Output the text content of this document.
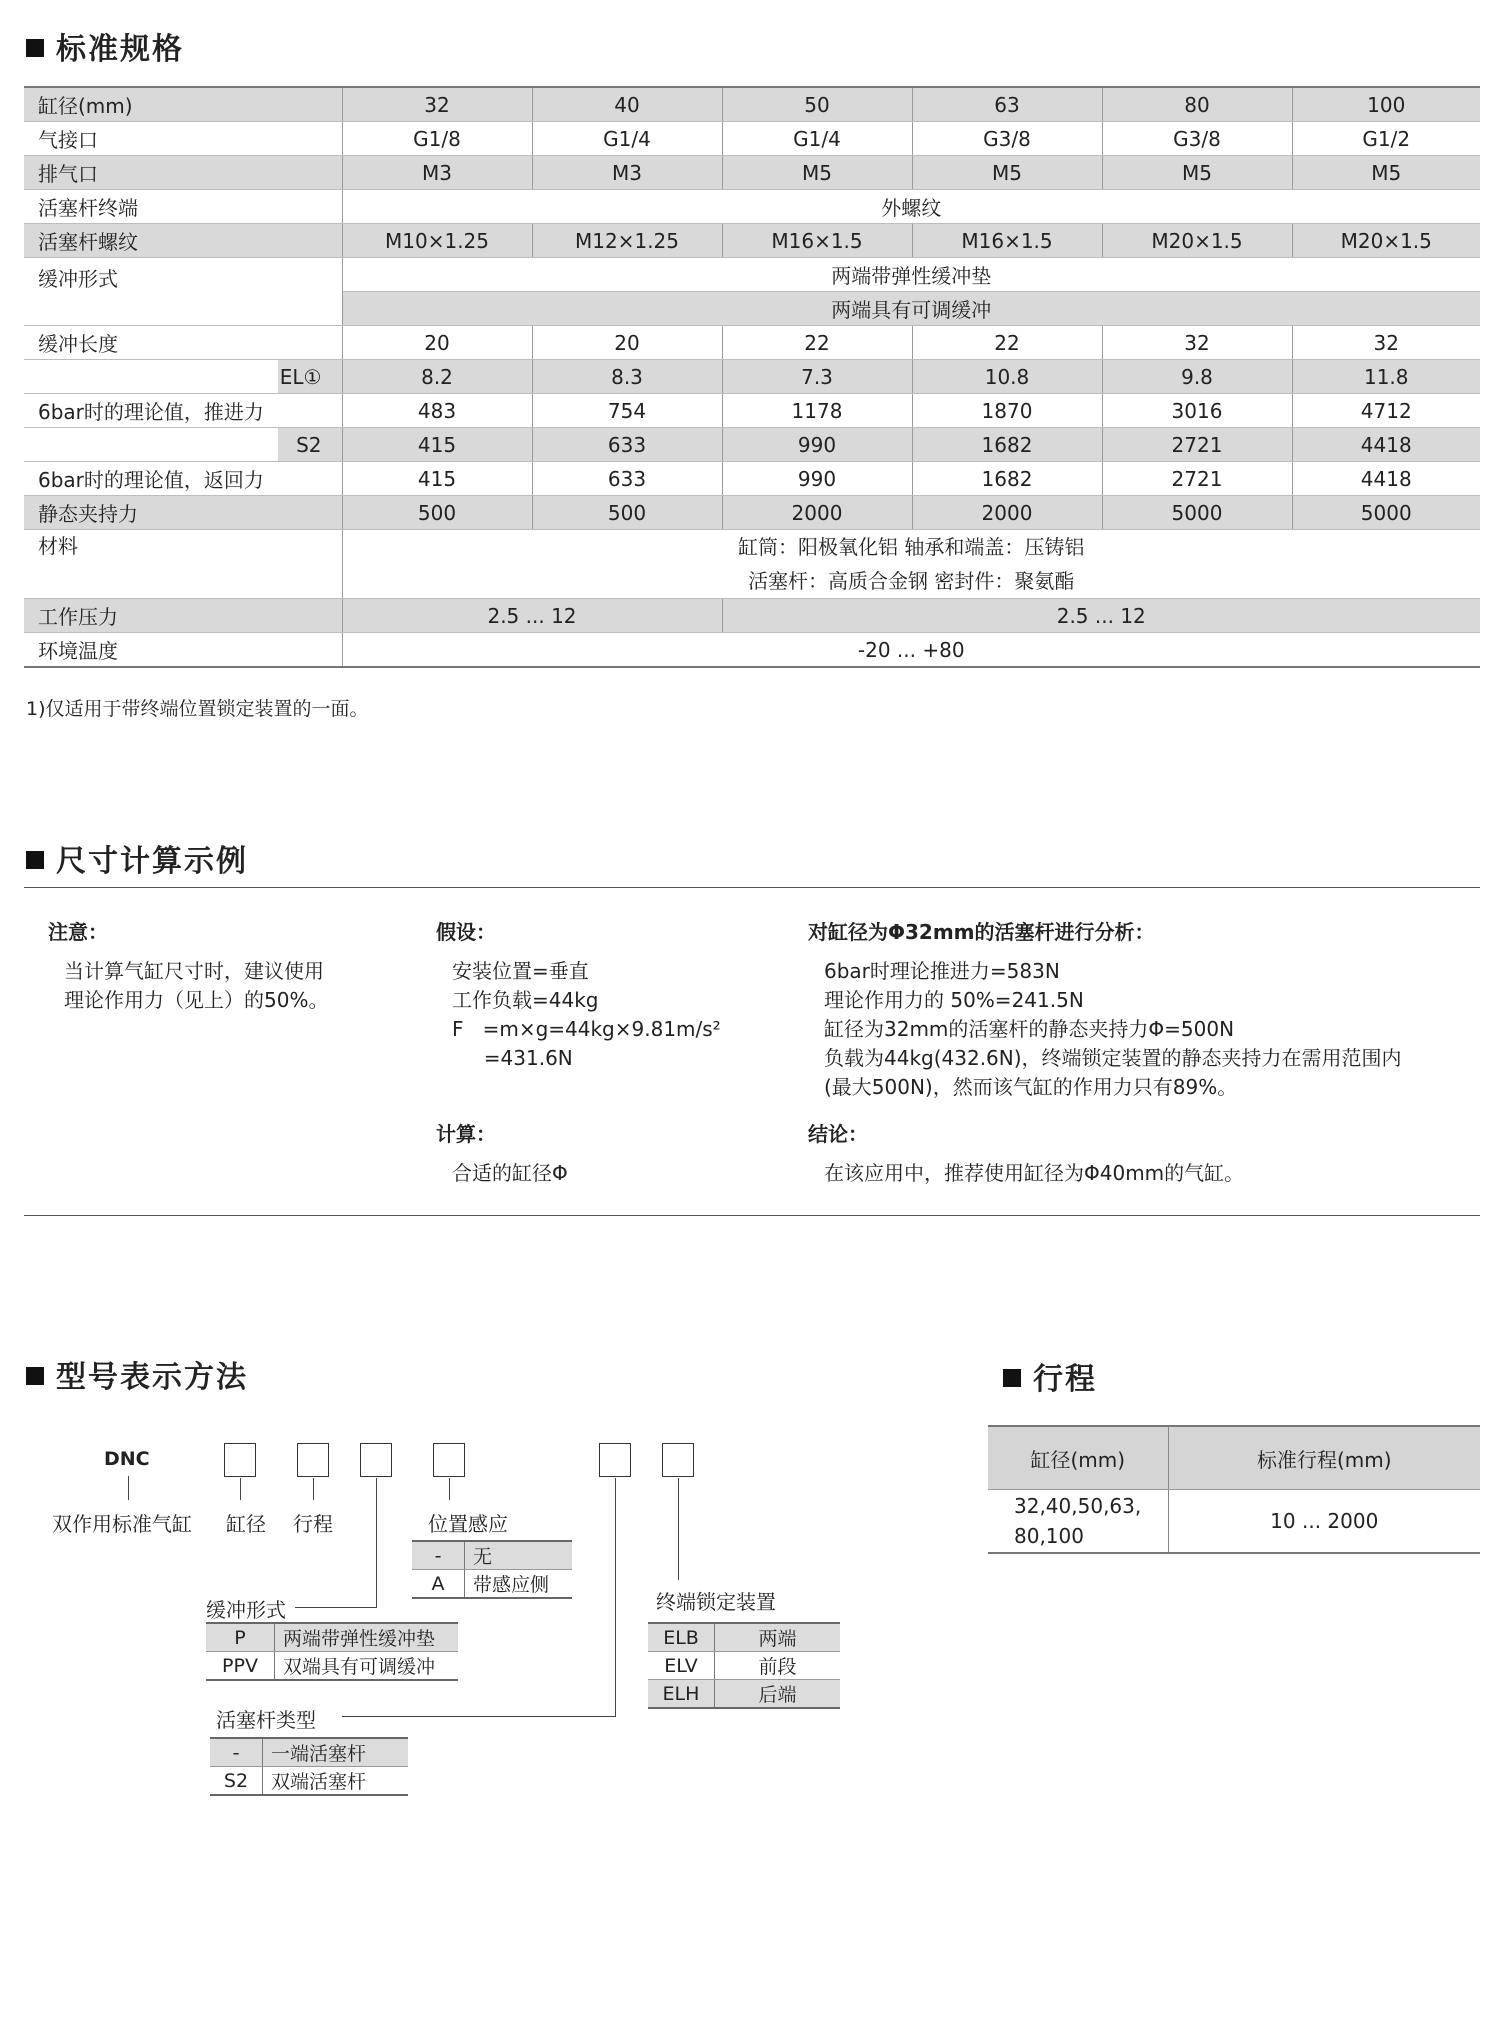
标准规格
缸径(mm)	32	40	50	63	80	100
气接口	G1/8	G1/4	G1/4	G3/8	G3/8	G1/2
排气口	M3	M3	M5	M5	M5	M5
活塞杆终端	外螺纹					
活塞杆螺纹	M10×1.25	M12×1.25	M16×1.5	M16×1.5	M20×1.5	M20×1.5
缓冲形式	两端带弹性缓冲垫					
	两端具有可调缓冲					
缓冲长度	20	20	22	22	32	32
EL①	8.2	8.3	7.3	10.8	9.8	11.8
6bar时的理论值，推进力	483	754	1178	1870	3016	4712
S2	415	633	990	1682	2721	4418
6bar时的理论值，返回力	415	633	990	1682	2721	4418
静态夹持力	500	500	2000	2000	5000	5000
材料	缸筒：阳极氧化铝 轴承和端盖：压铸铝
活塞杆：高质合金钢 密封件：聚氨酯					

工作压力	2.5 ... 12		2.5 ... 12			
环境温度	-20 ... +80					
1)仅适用于带终端位置锁定装置的一面。
尺寸计算示例
注意：
当计算气缸尺寸时，建议使用
理论作用力（见上）的50%。
假设：
安装位置=垂直
工作负载=44kg
F   =m×g=44kg×9.81m/s²
=431.6N
计算：
合适的缸径Φ
对缸径为Φ32mm的活塞杆进行分析：
6bar时理论推进力=583N
理论作用力的 50%=241.5N
缸径为32mm的活塞杆的静态夹持力Φ=500N
负载为44kg(432.6N)，终端锁定装置的静态夹持力在需用范围内
(最大500N)，然而该气缸的作用力只有89%。
结论：
在该应用中，推荐使用缸径为Φ40mm的气缸。
型号表示方法
DNC
双作用标准气缸 缸径 行程	位置感应
缓冲形式
活塞杆类型
终端锁定装置
-	无
A	带感应侧
P	两端带弹性缓冲垫
PPV	双端具有可调缓冲
-	一端活塞杆
S2	双端活塞杆
ELB	两端
ELV	前段
ELH	后端
行程
缸径(mm)	标准行程(mm)

32,40,50,63,
80,100	10 ... 2000
